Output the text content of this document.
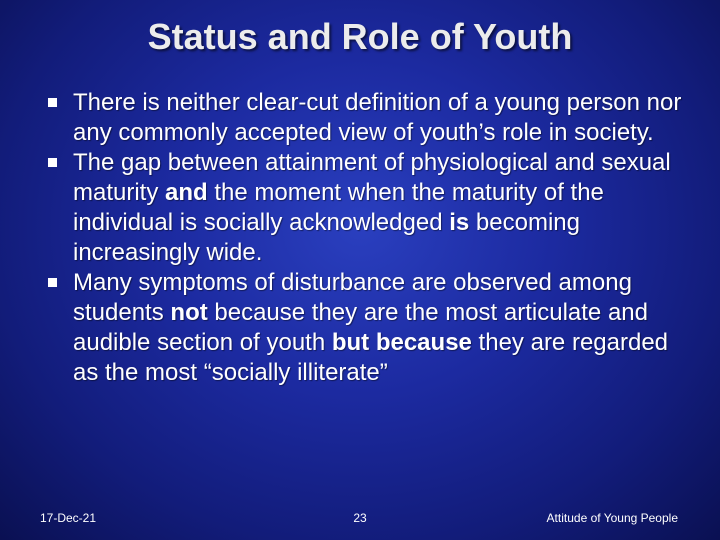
Status and Role of Youth
There is neither clear-cut definition of a young person nor any commonly accepted view of youth’s role in society.
The gap between attainment of physiological and sexual maturity and the moment when the maturity of the individual is socially acknowledged is becoming increasingly wide.
Many symptoms of disturbance are observed among students not because they are the most articulate and audible section of youth but because they are regarded as the most “socially illiterate”
17-Dec-21	23	Attitude of Young People
